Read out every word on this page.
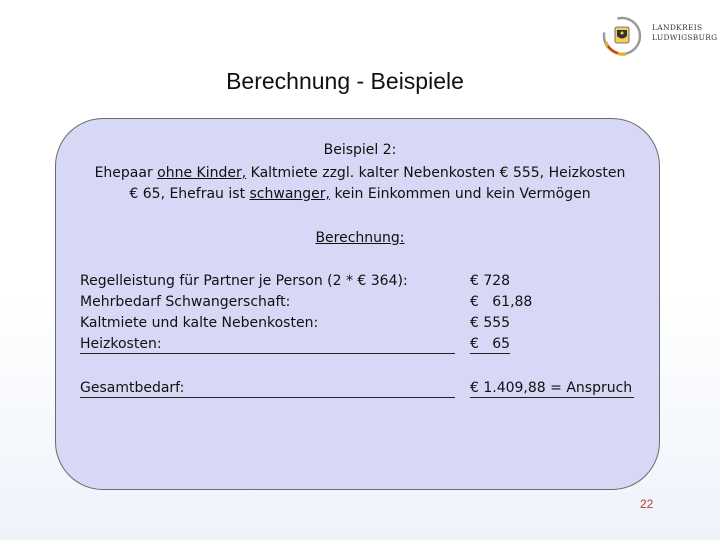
LANDKREIS
LUDWIGSBURG
Berechnung - Beispiele
Beispiel 2:
Ehepaar ohne Kinder, Kaltmiete zzgl. kalter Nebenkosten € 555, Heizkosten
€ 65, Ehefrau ist schwanger, kein Einkommen und kein Vermögen
Berechnung:
Regelleistung für Partner je Person (2 * € 364):	€ 728
Mehrbedarf Schwangerschaft:	€   61,88
Kaltmiete und kalte Nebenkosten:	€ 555
Heizkosten:	€   65
Gesamtbedarf:	€ 1.409,88 = Anspruch
22
